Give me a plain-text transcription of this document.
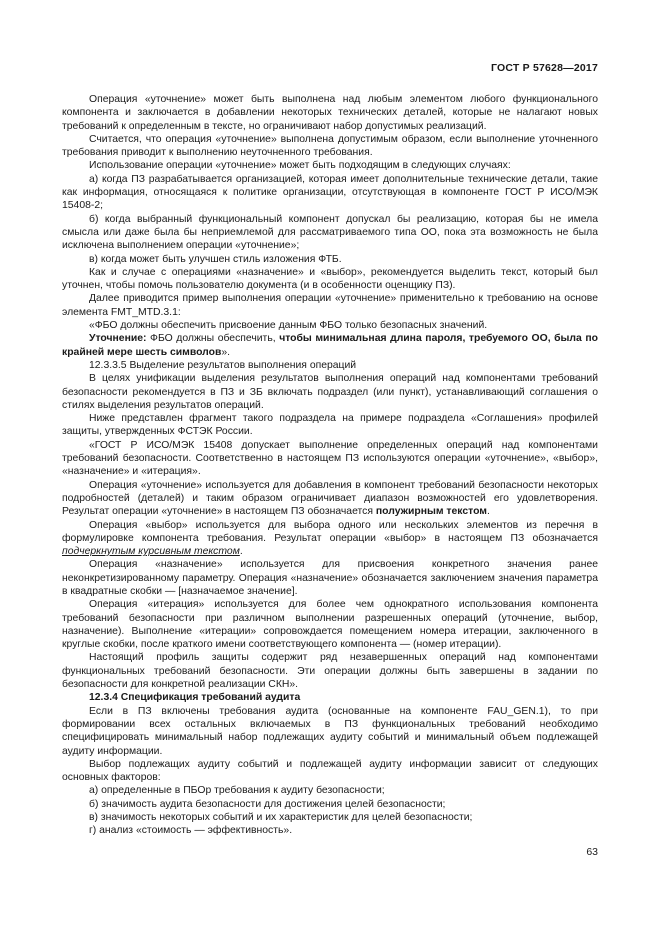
ГОСТ Р 57628—2017

Операция «уточнение» может быть выполнена над любым элементом любого функционального компонента и заключается в добавлении некоторых технических деталей, которые не налагают новых требований к определенным в тексте, но ограничивают набор допустимых реализаций.

Считается, что операция «уточнение» выполнена допустимым образом, если выполнение уточненного требования приводит к выполнению неуточненного требования.

Использование операции «уточнение» может быть подходящим в следующих случаях:

а) когда ПЗ разрабатывается организацией, которая имеет дополнительные технические детали, такие как информация, относящаяся к политике организации, отсутствующая в компоненте ГОСТ Р ИСО/МЭК 15408-2;

б) когда выбранный функциональный компонент допускал бы реализацию, которая бы не имела смысла или даже была бы неприемлемой для рассматриваемого типа ОО, пока эта возможность не была исключена выполнением операции «уточнение»;

в) когда может быть улучшен стиль изложения ФТБ.

Как и случае с операциями «назначение» и «выбор», рекомендуется выделить текст, который был уточнен, чтобы помочь пользователю документа (и в особенности оценщику ПЗ).

Далее приводится пример выполнения операции «уточнение» применительно к требованию на основе элемента FMT_MTD.3.1:

«ФБО должны обеспечить присвоение данным ФБО только безопасных значений.

Уточнение: ФБО должны обеспечить, чтобы минимальная длина пароля, требуемого ОО, была по крайней мере шесть символов».

12.3.3.5 Выделение результатов выполнения операций

В целях унификации выделения результатов выполнения операций над компонентами требований безопасности рекомендуется в ПЗ и ЗБ включать подраздел (или пункт), устанавливающий соглашения о стилях выделения результатов операций.

Ниже представлен фрагмент такого подраздела на примере подраздела «Соглашения» профилей защиты, утвержденных ФСТЭК России.

«ГОСТ Р ИСО/МЭК 15408 допускает выполнение определенных операций над компонентами требований безопасности. Соответственно в настоящем ПЗ используются операции «уточнение», «выбор», «назначение» и «итерация».

Операция «уточнение» используется для добавления в компонент требований безопасности некоторых подробностей (деталей) и таким образом ограничивает диапазон возможностей его удовлетворения. Результат операции «уточнение» в настоящем ПЗ обозначается полужирным текстом.

Операция «выбор» используется для выбора одного или нескольких элементов из перечня в формулировке компонента требования. Результат операции «выбор» в настоящем ПЗ обозначается подчеркнутым курсивным текстом.

Операция «назначение» используется для присвоения конкретного значения ранее неконкретизированному параметру. Операция «назначение» обозначается заключением значения параметра в квадратные скобки — [назначаемое значение].

Операция «итерация» используется для более чем однократного использования компонента требований безопасности при различном выполнении разрешенных операций (уточнение, выбор, назначение). Выполнение «итерации» сопровождается помещением номера итерации, заключенного в круглые скобки, после краткого имени соответствующего компонента — (номер итерации).

Настоящий профиль защиты содержит ряд незавершенных операций над компонентами функциональных требований безопасности. Эти операции должны быть завершены в задании по безопасности для конкретной реализации СКН».

12.3.4 Спецификация требований аудита

Если в ПЗ включены требования аудита (основанные на компоненте FAU_GEN.1), то при формировании всех остальных включаемых в ПЗ функциональных требований необходимо специфицировать минимальный набор подлежащих аудиту событий и минимальный объем подлежащей аудиту информации.

Выбор подлежащих аудиту событий и подлежащей аудиту информации зависит от следующих основных факторов:

а) определенные в ПБОр требования к аудиту безопасности;

б) значимость аудита безопасности для достижения целей безопасности;

в) значимость некоторых событий и их характеристик для целей безопасности;

г) анализ «стоимость — эффективность».

63
